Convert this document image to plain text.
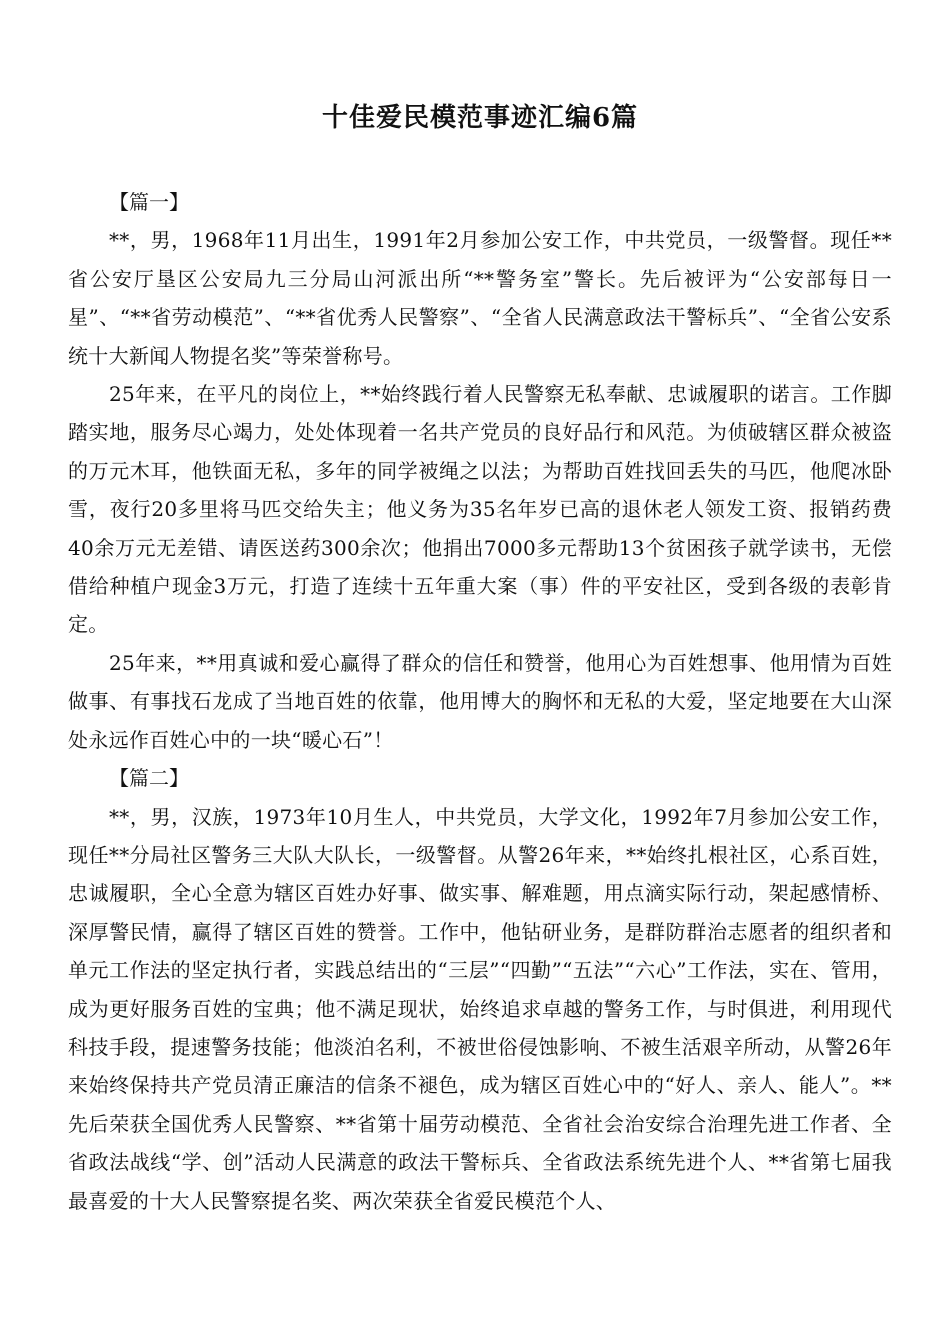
十佳爱民模范事迹汇编6篇

【篇一】

**，男，1968年11月出生，1991年2月参加公安工作，中共党员，一级警督。现任**省公安厅垦区公安局九三分局山河派出所“**警务室”警长。先后被评为“公安部每日一星”、“**省劳动模范”、“**省优秀人民警察”、“全省人民满意政法干警标兵”、“全省公安系统十大新闻人物提名奖”等荣誉称号。

25年来，在平凡的岗位上，**始终践行着人民警察无私奉献、忠诚履职的诺言。工作脚踏实地，服务尽心竭力，处处体现着一名共产党员的良好品行和风范。为侦破辖区群众被盗的万元木耳，他铁面无私，多年的同学被绳之以法；为帮助百姓找回丢失的马匹，他爬冰卧雪，夜行20多里将马匹交给失主；他义务为35名年岁已高的退休老人领发工资、报销药费40余万元无差错、请医送药300余次；他捐出7000多元帮助13个贫困孩子就学读书，无偿借给种植户现金3万元，打造了连续十五年重大案（事）件的平安社区，受到各级的表彰肯定。

25年来，**用真诚和爱心赢得了群众的信任和赞誉，他用心为百姓想事、他用情为百姓做事、有事找石龙成了当地百姓的依靠，他用博大的胸怀和无私的大爱，坚定地要在大山深处永远作百姓心中的一块“暖心石”！

【篇二】

**，男，汉族，1973年10月生人，中共党员，大学文化，1992年7月参加公安工作，现任**分局社区警务三大队大队长，一级警督。从警26年来，**始终扎根社区，心系百姓，忠诚履职，全心全意为辖区百姓办好事、做实事、解难题，用点滴实际行动，架起感情桥、深厚警民情，赢得了辖区百姓的赞誉。工作中，他钻研业务，是群防群治志愿者的组织者和单元工作法的坚定执行者，实践总结出的“三层”“四勤”“五法”“六心”工作法，实在、管用，成为更好服务百姓的宝典；他不满足现状，始终追求卓越的警务工作，与时俱进，利用现代科技手段，提速警务技能；他淡泊名利，不被世俗侵蚀影响、不被生活艰辛所动，从警26年来始终保持共产党员清正廉洁的信条不褪色，成为辖区百姓心中的“好人、亲人、能人”。**先后荣获全国优秀人民警察、**省第十届劳动模范、全省社会治安综合治理先进工作者、全省政法战线“学、创”活动人民满意的政法干警标兵、全省政法系统先进个人、**省第七届我最喜爱的十大人民警察提名奖、两次荣获全省爱民模范个人、
